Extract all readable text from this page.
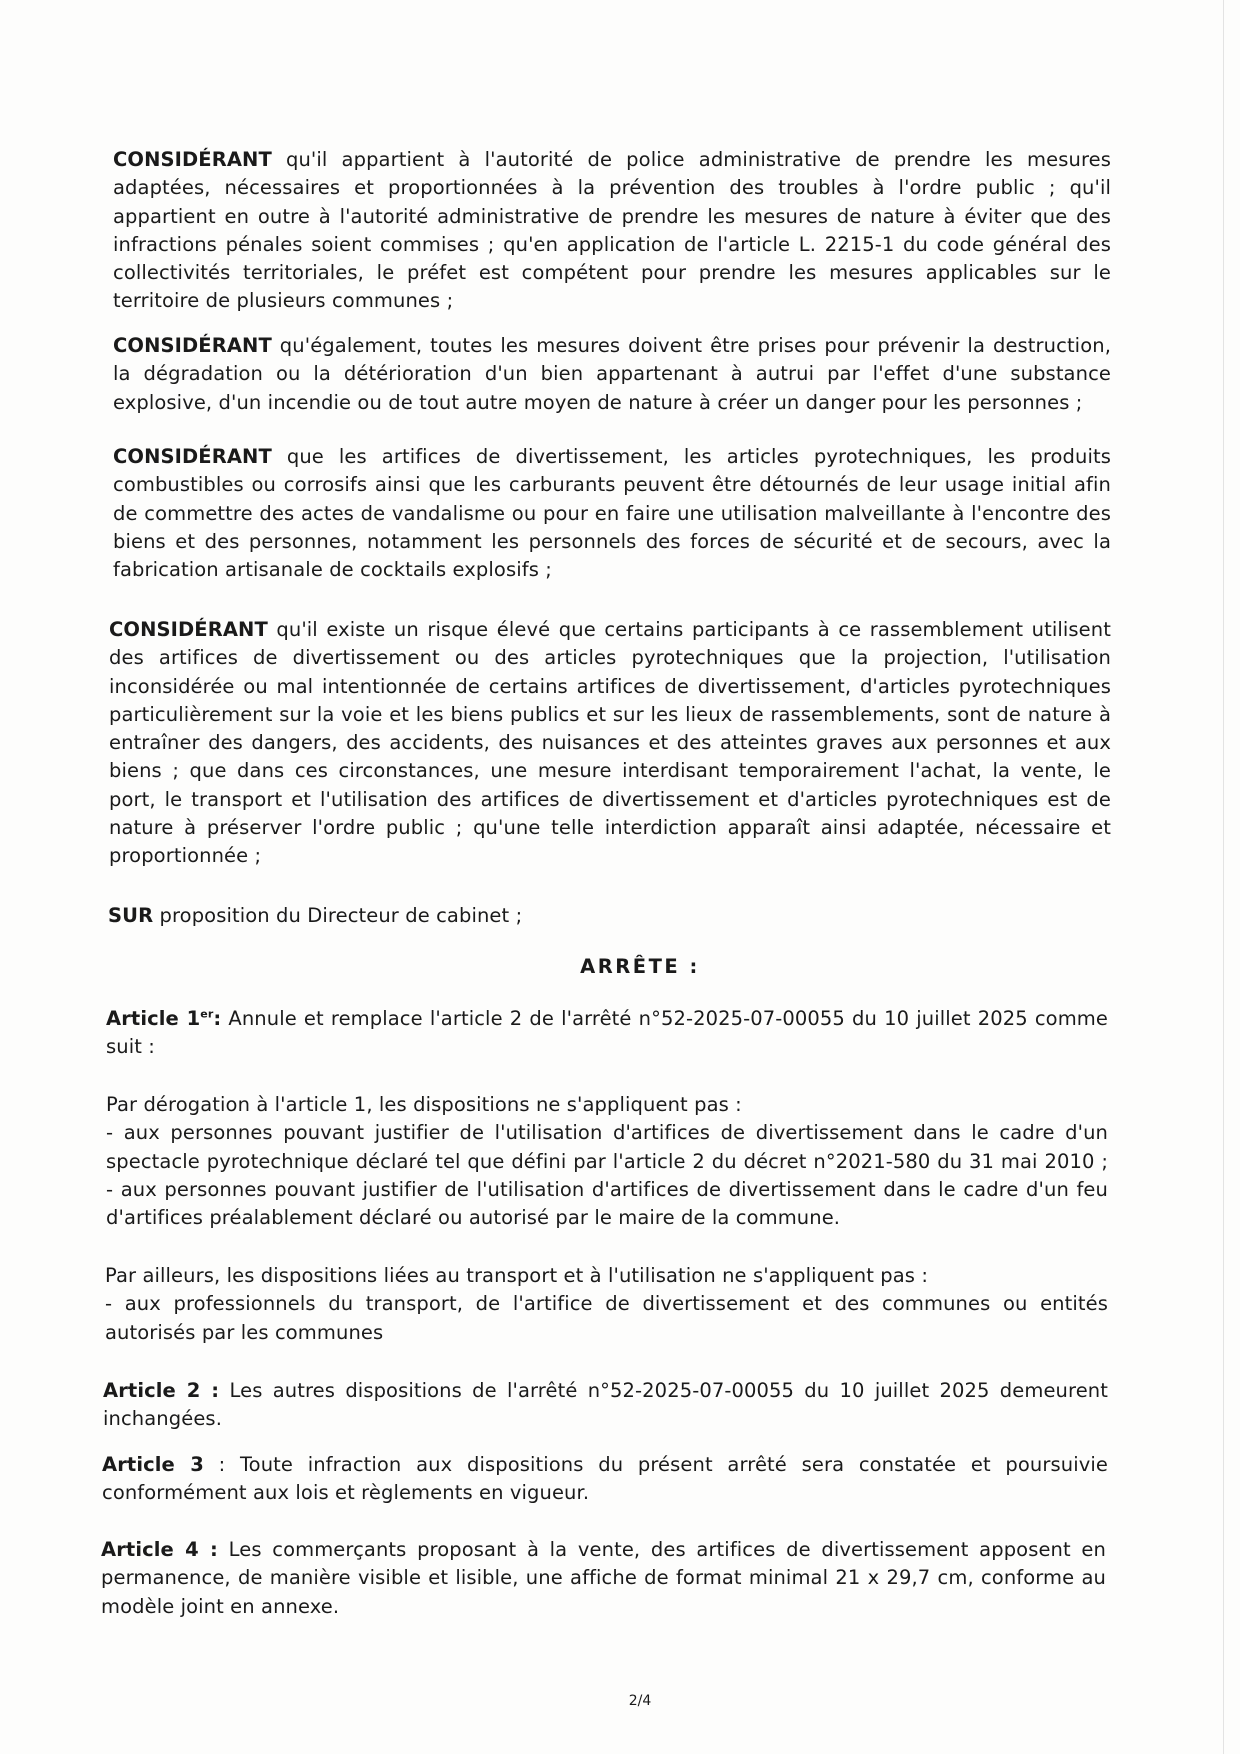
CONSIDÉRANT qu'il appartient à l'autorité de police administrative de prendre les mesures
adaptées, nécessaires et proportionnées à la prévention des troubles à l'ordre public ; qu'il
appartient en outre à l'autorité administrative de prendre les mesures de nature à éviter que des
infractions pénales soient commises ; qu'en application de l'article L. 2215-1 du code général des
collectivités territoriales, le préfet est compétent pour prendre les mesures applicables sur le
territoire de plusieurs communes ;
CONSIDÉRANT qu'également, toutes les mesures doivent être prises pour prévenir la destruction,
la dégradation ou la détérioration d'un bien appartenant à autrui par l'effet d'une substance
explosive, d'un incendie ou de tout autre moyen de nature à créer un danger pour les personnes ;
CONSIDÉRANT que les artifices de divertissement, les articles pyrotechniques, les produits
combustibles ou corrosifs ainsi que les carburants peuvent être détournés de leur usage initial afin
de commettre des actes de vandalisme ou pour en faire une utilisation malveillante à l'encontre des
biens et des personnes, notamment les personnels des forces de sécurité et de secours, avec la
fabrication artisanale de cocktails explosifs ;
CONSIDÉRANT qu'il existe un risque élevé que certains participants à ce rassemblement utilisent
des artifices de divertissement ou des articles pyrotechniques que la projection, l'utilisation
inconsidérée ou mal intentionnée de certains artifices de divertissement, d'articles pyrotechniques
particulièrement sur la voie et les biens publics et sur les lieux de rassemblements, sont de nature à
entraîner des dangers, des accidents, des nuisances et des atteintes graves aux personnes et aux
biens ; que dans ces circonstances, une mesure interdisant temporairement l'achat, la vente, le
port, le transport et l'utilisation des artifices de divertissement et d'articles pyrotechniques est de
nature à préserver l'ordre public ; qu'une telle interdiction apparaît ainsi adaptée, nécessaire et
proportionnée ;
SUR proposition du Directeur de cabinet ;
ARRÊTE :
Article 1er: Annule et remplace l'article 2 de l'arrêté n°52-2025-07-00055 du 10 juillet 2025 comme
suit :
Par dérogation à l'article 1, les dispositions ne s'appliquent pas :
- aux personnes pouvant justifier de l'utilisation d'artifices de divertissement dans le cadre d'un
spectacle pyrotechnique déclaré tel que défini par l'article 2 du décret n°2021-580 du 31 mai 2010 ;
- aux personnes pouvant justifier de l'utilisation d'artifices de divertissement dans le cadre d'un feu
d'artifices préalablement déclaré ou autorisé par le maire de la commune.
Par ailleurs, les dispositions liées au transport et à l'utilisation ne s'appliquent pas :
- aux professionnels du transport, de l'artifice de divertissement et des communes ou entités
autorisés par les communes
Article 2 : Les autres dispositions de l'arrêté n°52-2025-07-00055 du 10 juillet 2025 demeurent
inchangées.
Article 3 : Toute infraction aux dispositions du présent arrêté sera constatée et poursuivie
conformément aux lois et règlements en vigueur.
Article 4 : Les commerçants proposant à la vente, des artifices de divertissement apposent en
permanence, de manière visible et lisible, une affiche de format minimal 21 x 29,7 cm, conforme au
modèle joint en annexe.
2/4
